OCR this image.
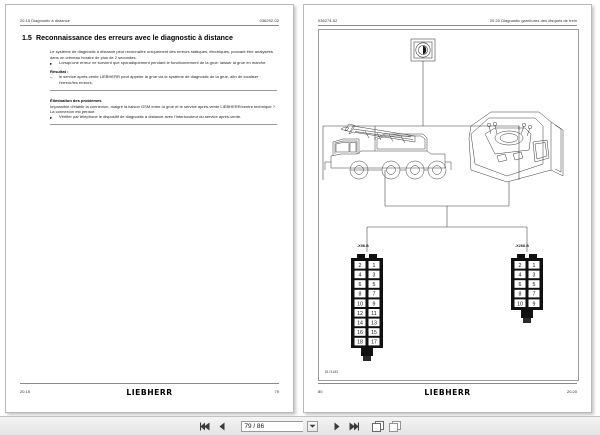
20.15 Diagnostic à distance	036292-02
1.5 Reconnaissance des erreurs avec le diagnostic à distance
Le système de diagnostic à distance peut reconnaître uniquement des erreurs statiques, électriques, pouvant être analysées dans un créneau horaire de plus de 2 secondes.
▸ Lorsqu'une erreur ne survient que sporadiquement pendant le fonctionnement de la grue: laisser la grue en marche.
Résultat :
– le service après-vente LIEBHERR peut appeler la grue via le système de diagnostic de la grue, afin de localiser l'erreur/les erreurs.
Élimination des problèmes
Impossible d'établir la connexion, malgré la liaison GSM entre la grue et le service après-vente LIEBHERR/centre technique ?
La connexion est perdue.
▸ Vérifier par téléphone le dispositif de diagnostic à distance avec l'interlocuteur du service après-vente.
20.15	LIEBHERR	79
036274-02	20.20 Diagnostic garnitures des disques de frein
2 1
4 3
6 5
8 7
10 9
12 11
14 13
16 15
18 17
2 1
4 3
6 5
8 7
10 9
-X98.B	-X268.B
8174183
80	LIEBHERR	20.20
79 / 86
